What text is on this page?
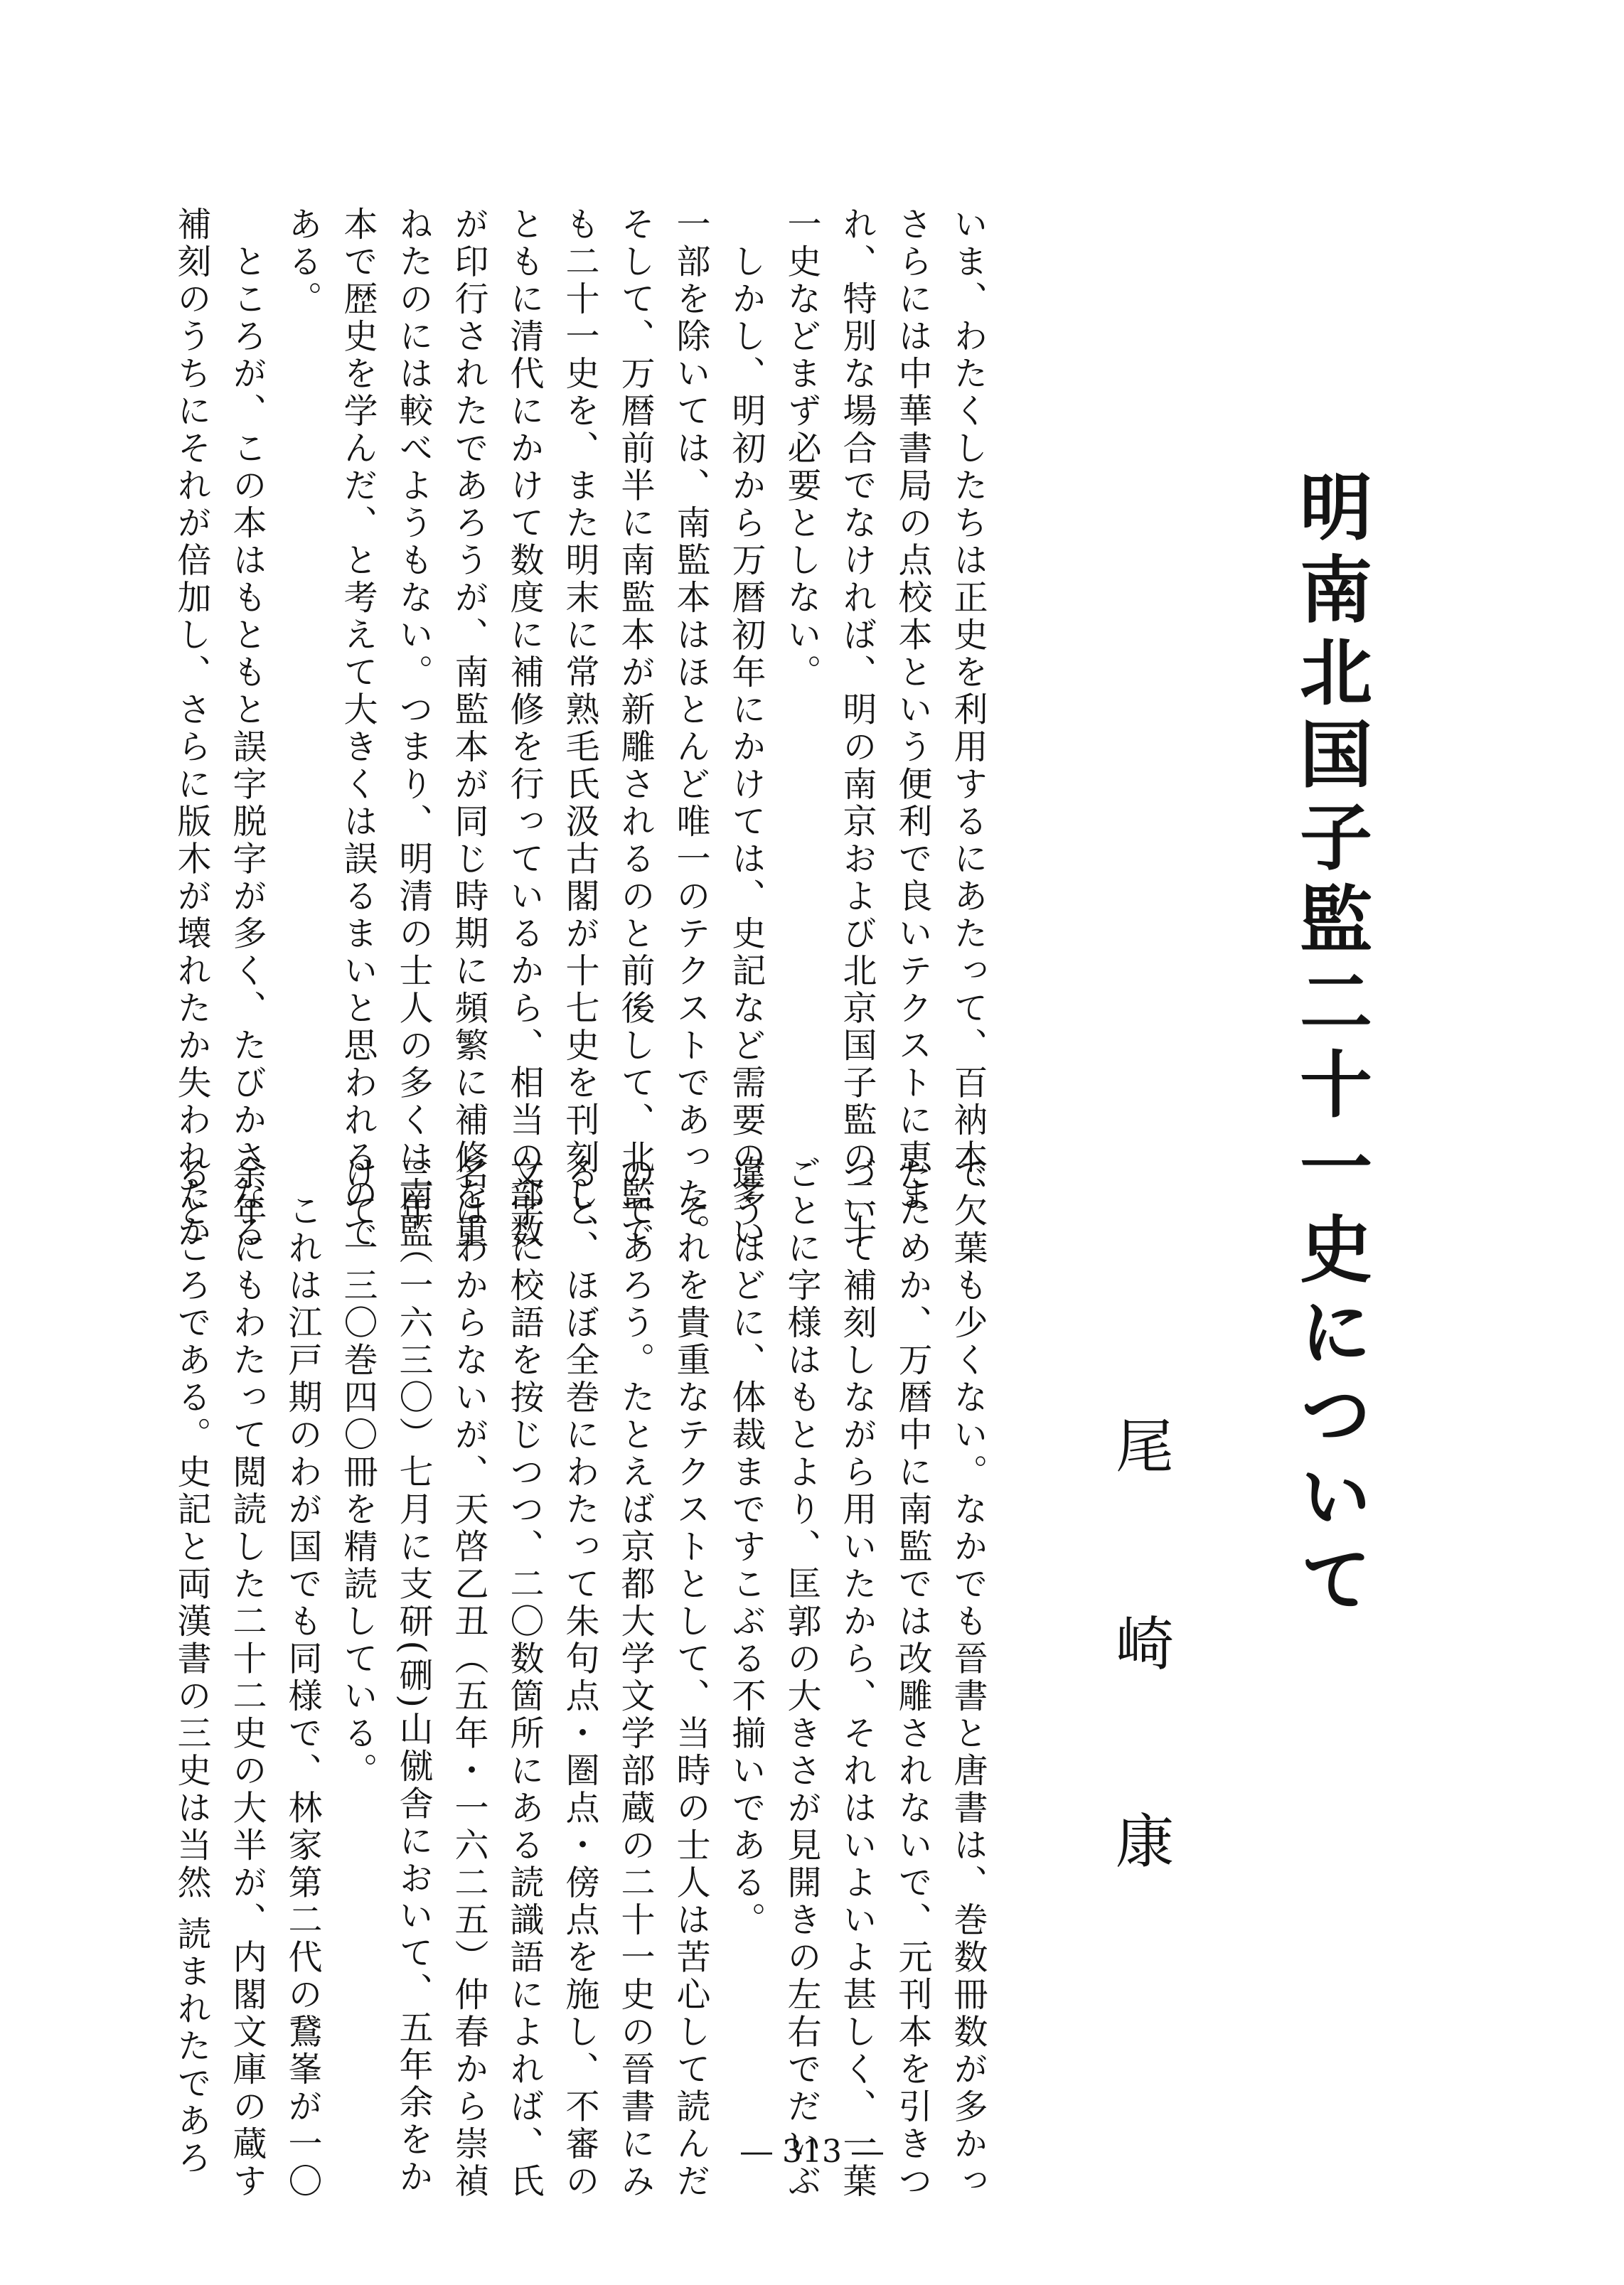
明南北国子監二十一史について
尾
崎
康

いま、わたくしたちは正史を利用するにあたって、百衲本、

さらには中華書局の点校本という便利で良いテクストに恵ま

れ、特別な場合でなければ、明の南京および北京国子監の二十

一史などまず必要としない。

　しかし、明初から万暦初年にかけては、史記など需要の多い

一部を除いては、南監本はほとんど唯一のテクストであった。

そして、万暦前半に南監本が新雕されるのと前後して、北監で

も二十一史を、また明末に常熟毛氏汲古閣が十七史を刊刻し、

ともに清代にかけて数度に補修を行っているから、相当の部数

が印行されたであろうが、南監本が同じ時期に頻繁に補修を重

ねたのには較べようもない。つまり、明清の士人の多くは南監

本で歴史を学んだ、と考えて大きくは誤るまいと思われるので

ある。

　ところが、この本はもともと誤字脱字が多く、たびかさなる

補刻のうちにそれが倍加し、さらに版木が壊れたか失われたか

で欠葉も少くない。なかでも晉書と唐書は、巻数冊数が多かっ

たためか、万暦中に南監では改雕されないで、元刊本を引きつ

づいて補刻しながら用いたから、それはいよいよ甚しく、一葉

ごとに字様はもとより、匡郭の大きさが見開きの左右でだいぶ

違うほどに、体裁まですこぶる不揃いである。

　それを貴重なテクストとして、当時の士人は苦心して読んだ

のであろう。たとえば京都大学文学部蔵の二十一史の晉書にみ

ると、ほぼ全巻にわたって朱句点・圏点・傍点を施し、不審の

文字に校語を按じつつ、二〇数箇所にある読識語によれば、氏

名はわからないが、天啓乙丑（五年・一六二五）仲春から崇禎

三年（一六三〇）七月に支研(硎)山僦舎において、五年余をか

けて一三〇巻四〇冊を精読している。

　これは江戸期のわが国でも同様で、林家第二代の鵞峯が一〇

余年にもわたって閲読した二十二史の大半が、内閣文庫の蔵す

るところである。史記と両漢書の三史は当然 読まれたであろ	― 313 ―
